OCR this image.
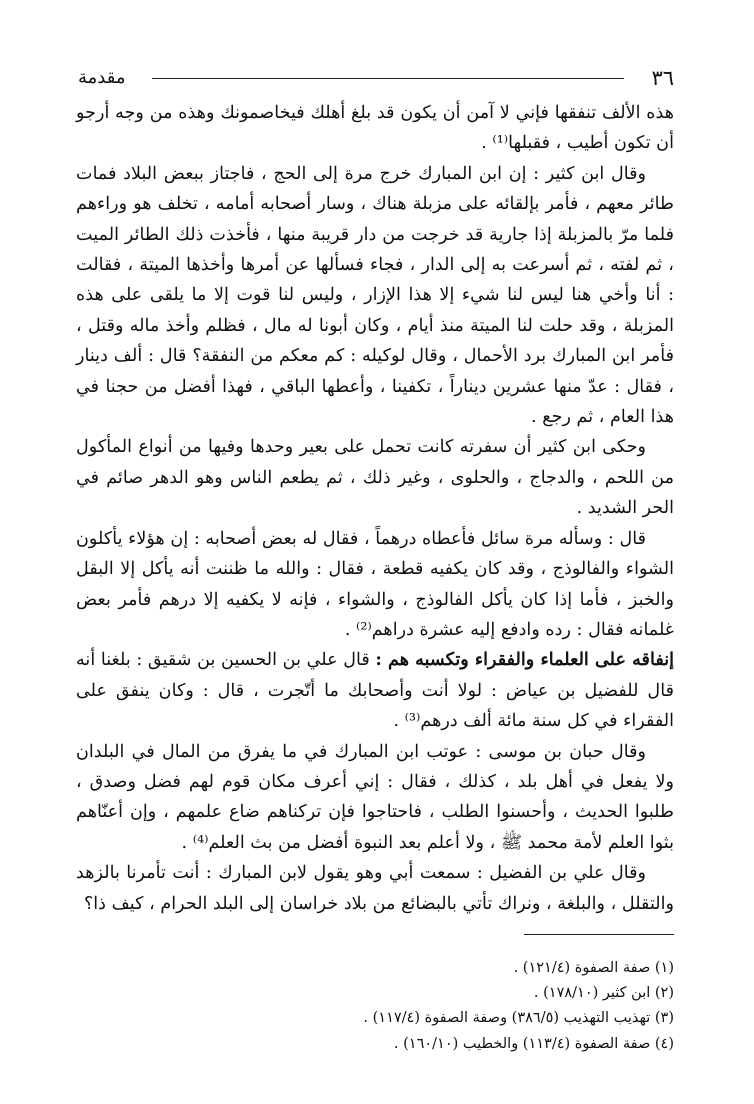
٣٦
مقدمة

هذه الألف تنفقها فإني لا آمن أن يكون قد بلغ أهلك فيخاصمونك وهذه من وجه أرجو أن تكون أطيب ، فقبلها⁽¹⁾ .

وقال ابن كثير : إن ابن المبارك خرج مرة إلى الحج ، فاجتاز ببعض البلاد فمات طائر معهم ، فأمر بإلقائه على مزبلة هناك ، وسار أصحابه أمامه ، تخلف هو وراءهم فلما مرّ بالمزبلة إذا جارية قد خرجت من دار قريبة منها ، فأخذت ذلك الطائر الميت ، ثم لفته ، ثم أسرعت به إلى الدار ، فجاء فسألها عن أمرها وأخذها الميتة ، فقالت : أنا وأخي هنا ليس لنا شيء إلا هذا الإزار ، وليس لنا قوت إلا ما يلقى على هذه المزبلة ، وقد حلت لنا الميتة منذ أيام ، وكان أبونا له مال ، فظلم وأخذ ماله وقتل ، فأمر ابن المبارك برد الأحمال ، وقال لوكيله : كم معكم من النفقة؟ قال : ألف دينار ، فقال : عدّ منها عشرين ديناراً ، تكفينا ، وأعطها الباقي ، فهذا أفضل من حجنا في هذا العام ، ثم رجع .

وحكى ابن كثير أن سفرته كانت تحمل على بعير وحدها وفيها من أنواع المأكول من اللحم ، والدجاج ، والحلوى ، وغير ذلك ، ثم يطعم الناس وهو الدهر صائم في الحر الشديد .

قال : وسأله مرة سائل فأعطاه درهماً ، فقال له بعض أصحابه : إن هؤلاء يأكلون الشواء والفالوذج ، وقد كان يكفيه قطعة ، فقال : والله ما ظننت أنه يأكل إلا البقل والخبز ، فأما إذا كان يأكل الفالوذج ، والشواء ، فإنه لا يكفيه إلا درهم فأمر بعض غلمانه فقال : رده وادفع إليه عشرة دراهم⁽²⁾ .

إنفاقه على العلماء والفقراء وتكسبه هم : قال علي بن الحسين بن شقيق : بلغنا أنه قال للفضيل بن عياض : لولا أنت وأصحابك ما أتّجرت ، قال : وكان ينفق على الفقراء في كل سنة مائة ألف درهم⁽³⁾ .

وقال حبان بن موسى : عوتب ابن المبارك في ما يفرق من المال في البلدان ولا يفعل في أهل بلد ، كذلك ، فقال : إني أعرف مكان قوم لهم فضل وصدق ، طلبوا الحديث ، وأحسنوا الطلب ، فاحتاجوا فإن تركناهم ضاع علمهم ، وإن أعنّاهم بثوا العلم لأمة محمد ﷺ ، ولا أعلم بعد النبوة أفضل من بث العلم⁽⁴⁾ .

وقال علي بن الفضيل : سمعت أبي وهو يقول لابن المبارك : أنت تأمرنا بالزهد والتقلل ، والبلغة ، ونراك تأتي بالبضائع من بلاد خراسان إلى البلد الحرام ، كيف ذا؟

(١) صفة الصفوة (١٢١/٤) .
(٢) ابن كثير (١٧٨/١٠) .
(٣) تهذيب التهذيب (٣٨٦/٥) وصفة الصفوة (١١٧/٤) .
(٤) صفة الصفوة (١١٣/٤) والخطيب (١٦٠/١٠) .
